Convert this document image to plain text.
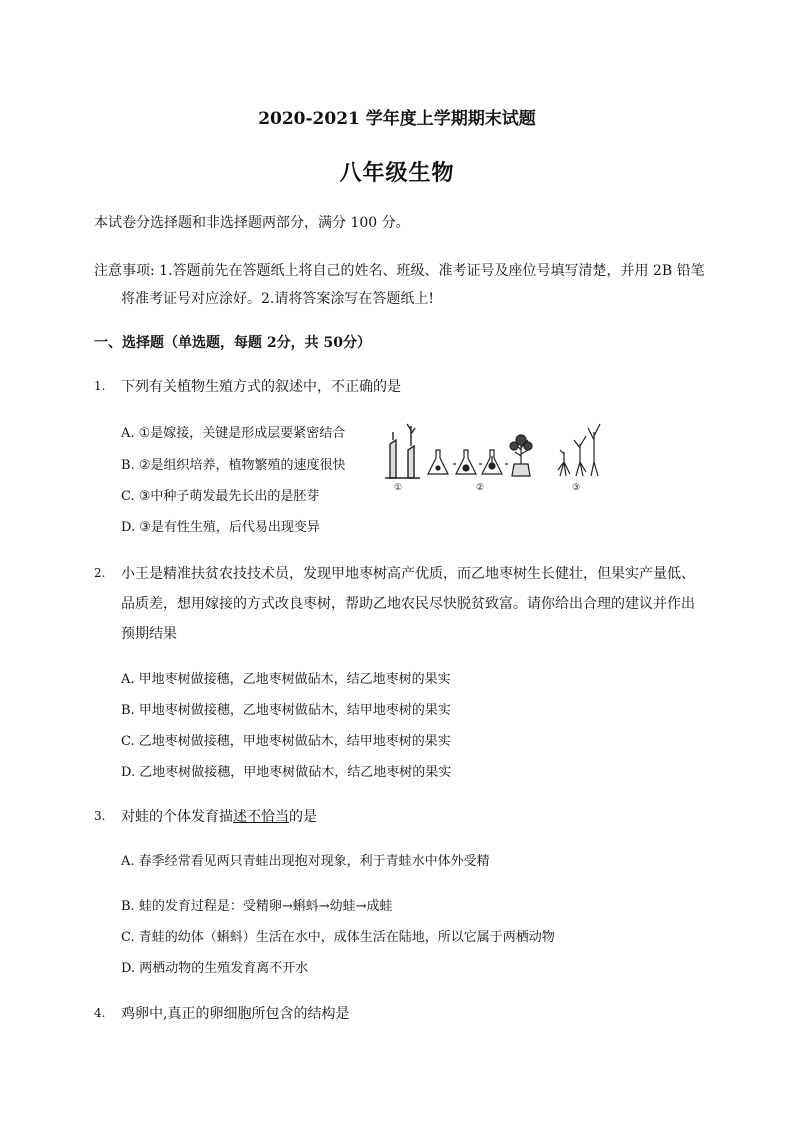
2020-2021 学年度上学期期末试题
八年级生物
本试卷分选择题和非选择题两部分，满分 100 分。
注意事项: 1.答题前先在答题纸上将自己的姓名、班级、准考证号及座位号填写清楚，并用 2B 铅笔
将准考证号对应涂好。2.请将答案涂写在答题纸上!
一、选择题（单选题，每题 2分，共 50分）
1. 下列有关植物生殖方式的叙述中，不正确的是
A. ①是嫁接，关键是形成层要紧密结合
B. ②是组织培养，植物繁殖的速度很快
C. ③中种子萌发最先长出的是胚芽
D. ③是有性生殖，后代易出现变异
①	②	③
2. 小王是精准扶贫农技技术员，发现甲地枣树高产优质，而乙地枣树生长健壮，但果实产量低、
品质差，想用嫁接的方式改良枣树，帮助乙地农民尽快脱贫致富。请你给出合理的建议并作出
预期结果
A. 甲地枣树做接穗，乙地枣树做砧木，结乙地枣树的果实
B. 甲地枣树做接穗，乙地枣树做砧木，结甲地枣树的果实
C. 乙地枣树做接穗，甲地枣树做砧木，结甲地枣树的果实
D. 乙地枣树做接穗，甲地枣树做砧木，结乙地枣树的果实
3. 对蛙的个体发育描述不恰当的是
A. 春季经常看见两只青蛙出现抱对现象，利于青蛙水中体外受精
B. 蛙的发育过程是：受精卵→蝌蚪→幼蛙→成蛙
C. 青蛙的幼体（蝌蚪）生活在水中，成体生活在陆地，所以它属于两栖动物
D. 两栖动物的生殖发育离不开水
4. 鸡卵中,真正的卵细胞所包含的结构是
